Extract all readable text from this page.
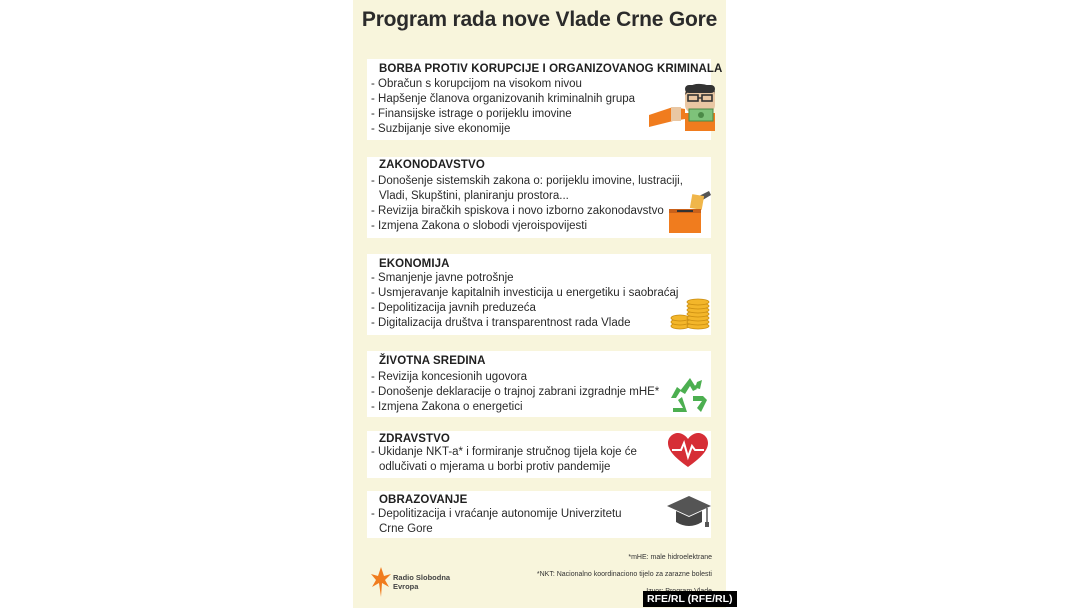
Program rada nove Vlade Crne Gore
BORBA PROTIV KORUPCIJE I ORGANIZOVANOG KRIMINALA
- Obračun s korupcijom na visokom nivou
- Hapšenje članova organizovanih kriminalnih grupa
- Finansijske istrage o porijeklu imovine
- Suzbijanje sive ekonomije
ZAKONODAVSTVO
- Donošenje sistemskih zakona o: porijeklu imovine, lustraciji,
Vladi, Skupštini, planiranju prostora...
- Revizija biračkih spiskova i novo izborno zakonodavstvo
- Izmjena Zakona o slobodi vjeroispovijesti
EKONOMIJA
- Smanjenje javne potrošnje
- Usmjeravanje kapitalnih investicija u energetiku i saobraćaj
- Depolitizacija javnih preduzeća
- Digitalizacija društva i transparentnost rada Vlade
ŽIVOTNA SREDINA
- Revizija koncesionih ugovora
- Donošenje deklaracije o trajnoj zabrani izgradnje mHE*
- Izmjena Zakona o energetici
ZDRAVSTVO
- Ukidanje NKT-a* i formiranje stručnog tijela koje će
odlučivati o mjerama u borbi protiv pandemije
OBRAZOVANJE
- Depolitizacija i vraćanje autonomije Univerzitetu
Crne Gore
*mHE: male hidroelektrane
*NKT: Nacionalno koordinaciono tijelo za zarazne bolesti
Radio Slobodna
Evropa
RFE/RL (RFE/RL)
